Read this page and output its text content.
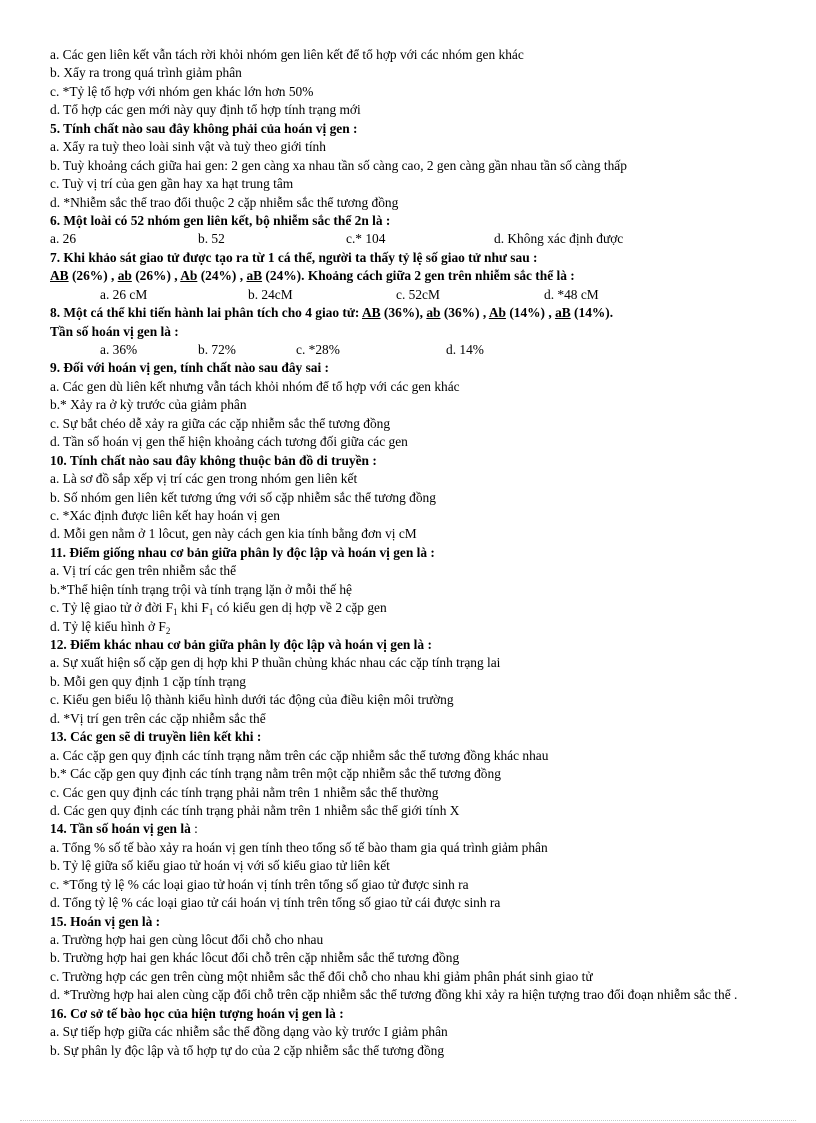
a. Các gen liên kết vẫn tách rời khỏi nhóm gen liên kết để tổ hợp với các nhóm gen khác
b. Xẩy ra trong quá trình giảm phân
c. *Tỷ lệ tổ hợp với nhóm gen khác lớn hơn 50%
d. Tổ hợp các gen mới này quy định tổ hợp tính trạng mới
5. Tính chất nào sau đây không phải của hoán vị gen :
a. Xẩy ra tuỳ theo loài sinh vật và tuỳ theo giới tính
b. Tuỳ khoảng cách giữa hai gen: 2 gen càng xa nhau tần số càng cao, 2 gen càng gần nhau tần số càng thấp
c. Tuỳ vị trí của gen gần hay xa hạt trung tâm
d. *Nhiễm sắc thể trao đổi thuộc 2 cặp nhiễm sắc thể tương đồng
6. Một loài có 52 nhóm gen liên kết, bộ nhiễm sắc thể 2n là :
a. 26	b. 52	c.* 104	d. Không xác định được
7. Khi khảo sát giao tử được tạo ra từ 1 cá thể, người ta thấy tỷ lệ số giao tử như sau :
AB (26%) , ab (26%) , Ab (24%) , aB (24%). Khoảng cách giữa 2 gen trên nhiễm sắc thể là :
a. 26 cM	b. 24cM	c. 52cM	d. *48 cM
8. Một cá thể khi tiến hành lai phân tích cho 4 giao tử: AB (36%), ab (36%) , Ab (14%) , aB (14%).
Tần số hoán vị gen là :
a. 36%	b. 72%	c. *28%	d. 14%
9. Đối với hoán vị gen, tính chất nào sau đây sai :
a. Các gen dù liên kết nhưng vẫn tách khỏi nhóm để tổ hợp với các gen khác
b.* Xảy ra ở kỳ trước của giảm phân
c. Sự bắt chéo dễ xảy ra giữa các cặp nhiễm sắc thể tương đồng
d. Tần số hoán vị gen thể hiện khoảng cách tương đối giữa các gen
10. Tính chất nào sau đây không thuộc bản đồ di truyền :
a. Là sơ đồ sắp xếp vị trí các gen trong nhóm gen liên kết
b. Số nhóm gen liên kết tương ứng với số cặp nhiễm sắc thể tương đồng
c. *Xác định được liên kết hay hoán vị gen
d. Mỗi gen nằm ở 1 lôcut, gen này cách gen kia tính bằng đơn vị cM
11. Điểm giống nhau cơ bản giữa phân ly độc lập và hoán vị gen là :
a. Vị trí các gen trên nhiễm sắc thể
b.*Thể hiện tính trạng trội và tính trạng lặn ở mỗi thế hệ
c. Tỷ lệ giao tử ở đời $F_1$ khi $F_1$ có kiểu gen dị hợp về 2 cặp gen
d. Tỷ lệ kiểu hình ở $F_2$
12. Điểm khác nhau cơ bản giữa phân ly độc lập và hoán vị gen là :
a. Sự xuất hiện số cặp gen dị hợp khi P thuần chủng khác nhau các cặp tính trạng lai
b. Mỗi gen quy định 1 cặp tính trạng
c. Kiểu gen biểu lộ thành kiểu hình dưới tác động của điều kiện môi trường
d. *Vị trí gen trên các cặp nhiễm sắc thể
13. Các gen sẽ di truyền liên kết khi :
a. Các cặp gen quy định các tính trạng nằm trên các cặp nhiễm sắc thể tương đồng khác nhau
b.* Các cặp gen quy định các tính trạng nằm trên một cặp nhiễm sắc thể tương đồng
c. Các gen quy định các tính trạng phải nằm trên 1 nhiễm sắc thể thường
d. Các gen quy định các tính trạng phải nằm trên 1 nhiễm sắc thể giới tính X
14. Tần số hoán vị gen là :
a. Tổng % số tế bào xảy ra hoán vị gen tính theo tổng số tế bào tham gia quá trình giảm phân
b. Tỷ lệ giữa số kiểu giao tử hoán vị với số kiểu giao tử liên kết
c. *Tổng tỷ lệ % các loại giao tử hoán vị tính trên tổng số giao tử được sinh ra
d. Tổng tỷ lệ % các loại giao tử cái hoán vị tính trên tổng số giao tử cái được sinh ra
15. Hoán vị gen là :
a. Trường hợp hai gen cùng lôcut đổi chỗ cho nhau
b. Trường hợp hai gen khác lôcut đổi chỗ trên cặp nhiễm sắc thể tương đồng
c. Trường hợp các gen trên cùng một nhiễm sắc thể đổi chỗ cho nhau khi giảm phân phát sinh giao tử
d. *Trường hợp hai alen cùng cặp đổi chỗ trên cặp nhiễm sắc thể tương đồng khi xảy ra hiện tượng trao đổi đoạn nhiễm sắc thể .
16. Cơ sở tế bào học của hiện tượng hoán vị gen là :
a. Sự tiếp hợp giữa các nhiễm sắc thể đồng dạng vào kỳ trước I giảm phân
b. Sự phân ly độc lập và tổ hợp tự do của 2 cặp nhiễm sắc thể tương đồng
